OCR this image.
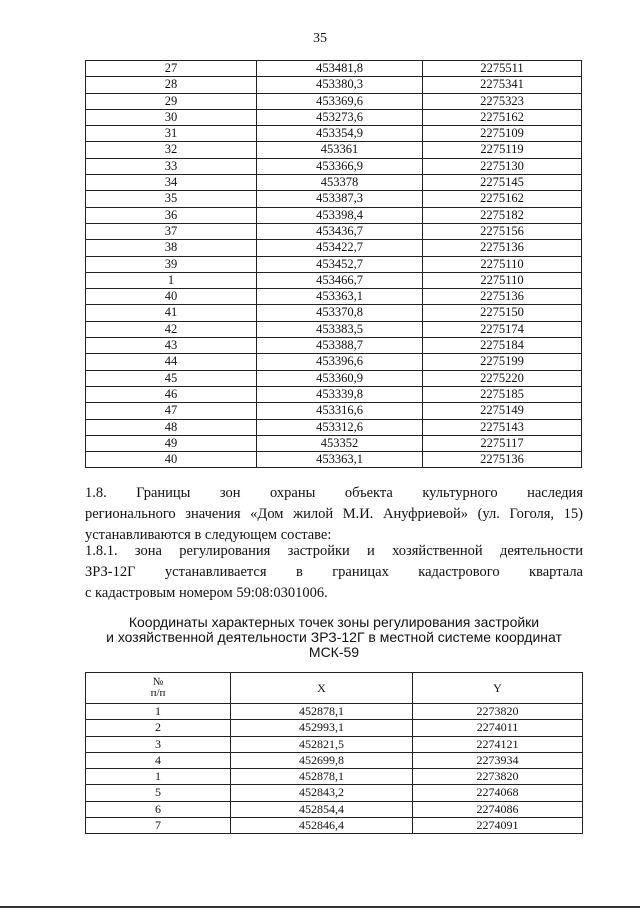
35
27	453481,8	2275511
28	453380,3	2275341
29	453369,6	2275323
30	453273,6	2275162
31	453354,9	2275109
32	453361	2275119
33	453366,9	2275130
34	453378	2275145
35	453387,3	2275162
36	453398,4	2275182
37	453436,7	2275156
38	453422,7	2275136
39	453452,7	2275110
1	453466,7	2275110
40	453363,1	2275136
41	453370,8	2275150
42	453383,5	2275174
43	453388,7	2275184
44	453396,6	2275199
45	453360,9	2275220
46	453339,8	2275185
47	453316,6	2275149
48	453312,6	2275143
49	453352	2275117
40	453363,1	2275136
1.8. Границы зон охраны объекта культурного наследия
регионального значения «Дом жилой М.И. Ануфриевой» (ул. Гоголя, 15)
устанавливаются в следующем составе:
1.8.1. зона регулирования застройки и хозяйственной деятельности
ЗРЗ-12Г устанавливается в границах кадастрового квартала
с кадастровым номером 59:08:0301006.
Координаты характерных точек зоны регулирования застройки
и хозяйственной деятельности ЗРЗ-12Г в местной системе координат
МСК-59
№
п/п	X	Y
1	452878,1	2273820
2	452993,1	2274011
3	452821,5	2274121
4	452699,8	2273934
1	452878,1	2273820
5	452843,2	2274068
6	452854,4	2274086
7	452846,4	2274091
